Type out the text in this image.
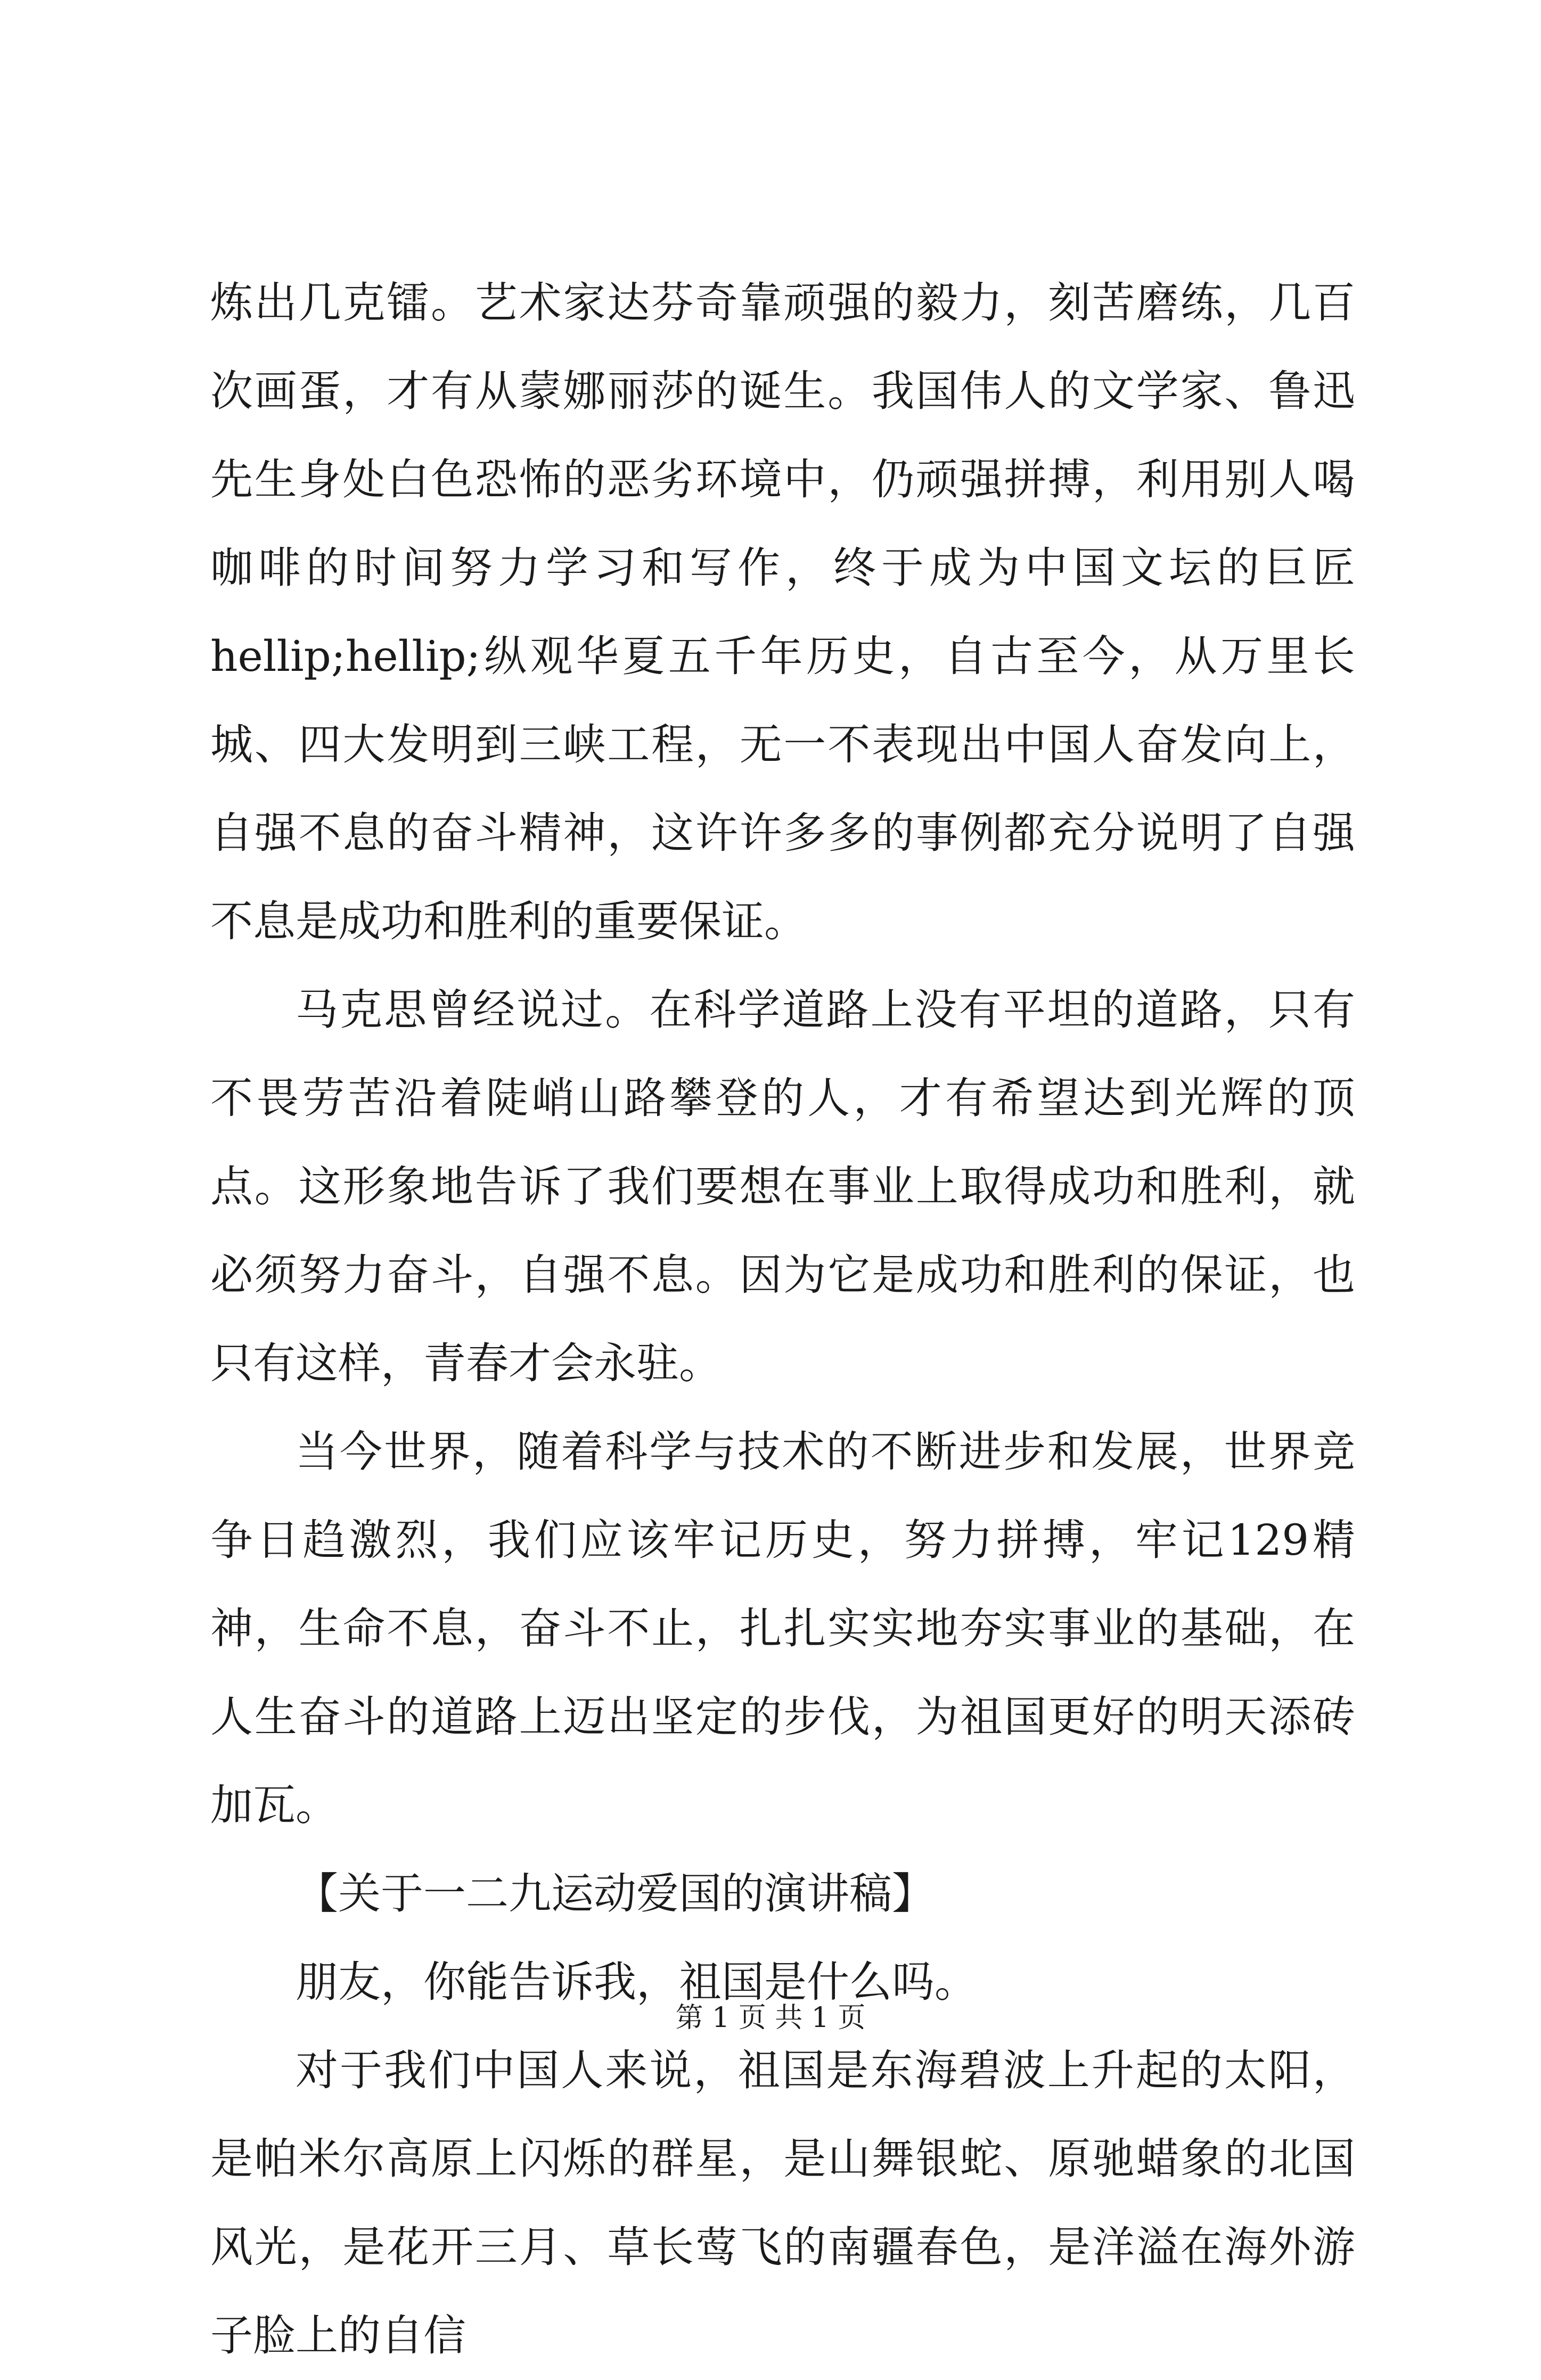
炼出几克镭。艺术家达芬奇靠顽强的毅力，刻苦磨练，几百次画蛋，才有从蒙娜丽莎的诞生。我国伟人的文学家、鲁迅先生身处白色恐怖的恶劣环境中，仍顽强拼搏，利用别人喝咖啡的时间努力学习和写作，终于成为中国文坛的巨匠hellip;hellip;纵观华夏五千年历史，自古至今，从万里长城、四大发明到三峡工程，无一不表现出中国人奋发向上，自强不息的奋斗精神，这许许多多的事例都充分说明了自强不息是成功和胜利的重要保证。

马克思曾经说过。在科学道路上没有平坦的道路，只有不畏劳苦沿着陡峭山路攀登的人，才有希望达到光辉的顶点。这形象地告诉了我们要想在事业上取得成功和胜利，就必须努力奋斗，自强不息。因为它是成功和胜利的保证，也只有这样，青春才会永驻。

当今世界，随着科学与技术的不断进步和发展，世界竞争日趋激烈，我们应该牢记历史，努力拼搏，牢记129精神，生命不息，奋斗不止，扎扎实实地夯实事业的基础，在人生奋斗的道路上迈出坚定的步伐，为祖国更好的明天添砖加瓦。

【关于一二九运动爱国的演讲稿】

朋友，你能告诉我，祖国是什么吗。

对于我们中国人来说，祖国是东海碧波上升起的太阳，是帕米尔高原上闪烁的群星，是山舞银蛇、原驰蜡象的北国风光，是花开三月、草长莺飞的南疆春色，是洋溢在海外游子脸上的自信

第 1 页 共 1 页
